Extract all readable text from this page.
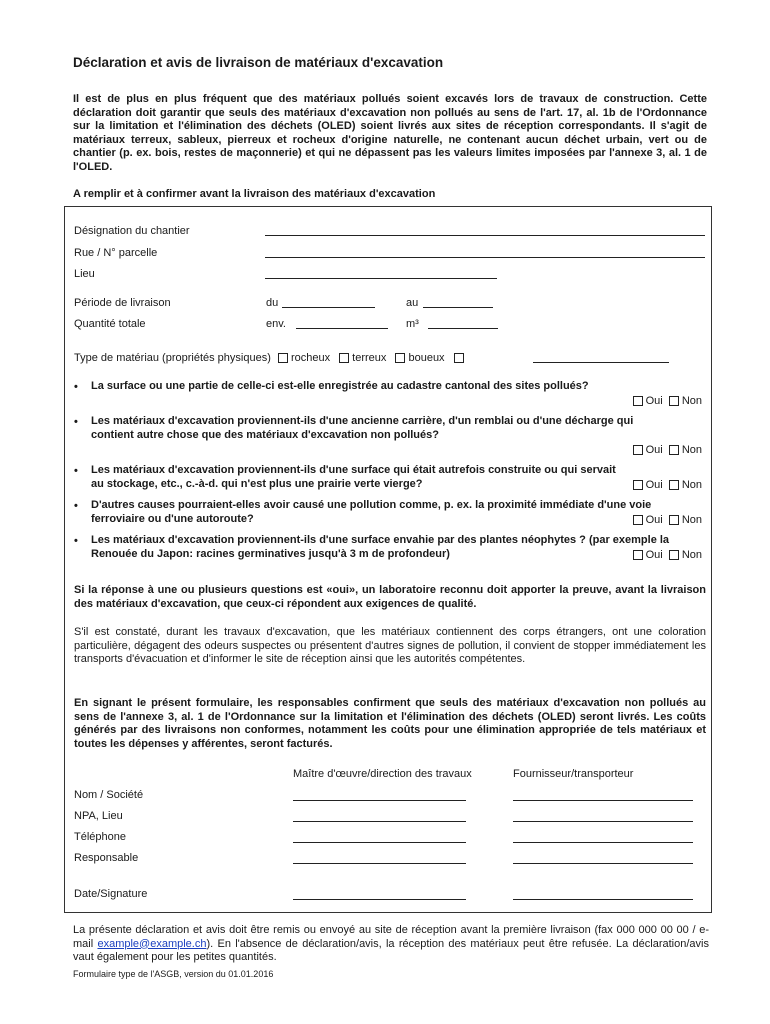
Déclaration et avis de livraison de matériaux d'excavation

Il est de plus en plus fréquent que des matériaux pollués soient excavés lors de travaux de construction. Cette déclaration doit garantir que seuls des matériaux d'excavation non pollués au sens de l'art. 17, al. 1b de l'Ordonnance sur la limitation et l'élimination des déchets (OLED) soient livrés aux sites de réception correspondants. Il s'agit de matériaux terreux, sableux, pierreux et rocheux d'origine naturelle, ne contenant aucun déchet urbain, vert ou de chantier (p. ex. bois, restes de maçonnerie) et qui ne dépassent pas les valeurs limites imposées par l'annexe 3, al. 1 de l'OLED.

A remplir et à confirmer avant la livraison des matériaux d'excavation

Désignation du chantier
Rue / N° parcelle
Lieu
Période de livraison	du	au
Quantité totale	env.	m³
Type de matériau (propriétés physiques) rocheux terreux boueux
• La surface ou une partie de celle-ci est-elle enregistrée au cadastre cantonal des sites pollués?
Oui Non
• Les matériaux d'excavation proviennent-ils d'une ancienne carrière, d'un remblai ou d'une décharge qui contient autre chose que des matériaux d'excavation non pollués?
Oui Non
• Les matériaux d'excavation proviennent-ils d'une surface qui était autrefois construite ou qui servait au stockage, etc., c.-à-d. qui n'est plus une prairie verte vierge?	Oui Non
• D'autres causes pourraient-elles avoir causé une pollution comme, p. ex. la proximité immédiate d'une voie ferroviaire ou d'une autoroute?	Oui Non
• Les matériaux d'excavation proviennent-ils d'une surface envahie par des plantes néophytes ? (par exemple la Renouée du Japon: racines germinatives jusqu'à 3 m de profondeur)	Oui Non

Si la réponse à une ou plusieurs questions est «oui», un laboratoire reconnu doit apporter la preuve, avant la livraison des matériaux d'excavation, que ceux-ci répondent aux exigences de qualité.

S'il est constaté, durant les travaux d'excavation, que les matériaux contiennent des corps étrangers, ont une coloration particulière, dégagent des odeurs suspectes ou présentent d'autres signes de pollution, il convient de stopper immédiatement les transports d'évacuation et d'informer le site de réception ainsi que les autorités compétentes.

En signant le présent formulaire, les responsables confirment que seuls des matériaux d'excavation non pollués au sens de l'annexe 3, al. 1 de l'Ordonnance sur la limitation et l'élimination des déchets (OLED) seront livrés. Les coûts générés par des livraisons non conformes, notamment les coûts pour une élimination appropriée de tels matériaux et toutes les dépenses y afférentes, seront facturés.

Maître d'œuvre/direction des travaux	Fournisseur/transporteur
Nom / Société
NPA, Lieu
Téléphone
Responsable
Date/Signature

La présente déclaration et avis doit être remis ou envoyé au site de réception avant la première livraison (fax 000 000 00 00 / e-mail example@example.ch). En l'absence de déclaration/avis, la réception des matériaux peut être refusée. La déclaration/avis vaut également pour les petites quantités.

Formulaire type de l'ASGB, version du 01.01.2016
